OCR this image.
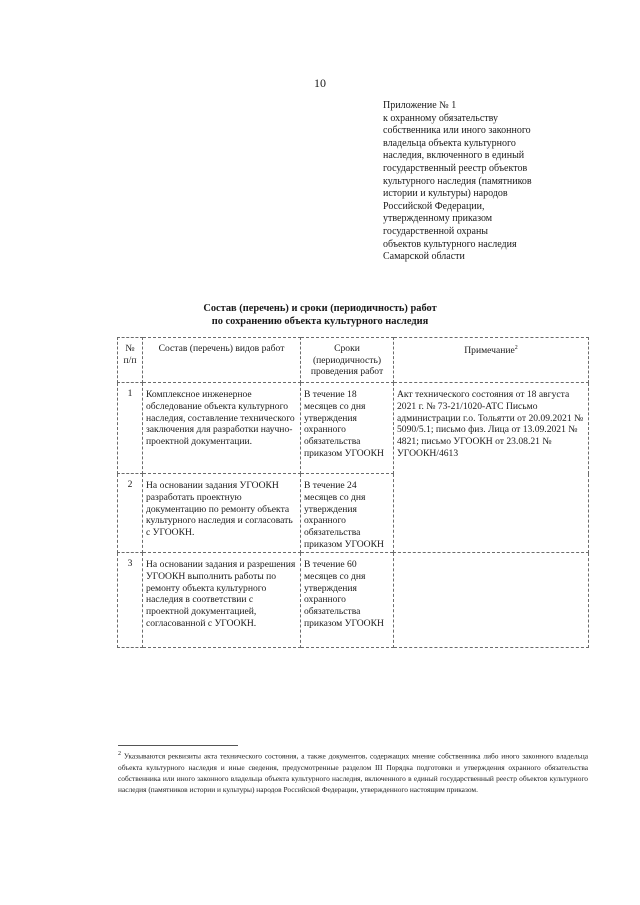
10
Приложение № 1
к охранному обязательству
собственника или иного законного
владельца объекта культурного
наследия, включенного в единый
государственный реестр объектов
культурного наследия (памятников
истории и культуры) народов
Российской Федерации,
утвержденному приказом
государственной охраны
объектов культурного наследия
Самарской области
Состав (перечень) и сроки (периодичность) работ
по сохранению объекта культурного наследия
№ п/п	Состав (перечень) видов работ	Сроки (периодичность) проведения работ	Примечание$^2$
1	Комплексное инженерное обследование объекта культурного наследия, составление технического заключения для разработки научно-проектной документации.	В течение 18 месяцев со дня утверждения охранного обязательства приказом УГООКН	Акт технического состояния от 18 августа 2021 г. № 73-21/1020-АТС Письмо администрации г.о. Тольятти от 20.09.2021 № 5090/5.1; письмо физ. Лица от 13.09.2021 № 4821; письмо УГООКН от 23.08.21 № УГООКН/4613
2	На основании задания УГООКН разработать проектную документацию по ремонту объекта культурного наследия и согласовать с УГООКН.	В течение 24 месяцев со дня утверждения охранного обязательства приказом УГООКН	
3	На основании задания и разрешения УГООКН выполнить работы по ремонту объекта культурного наследия в соответствии с проектной документацией, согласованной с УГООКН.	В течение 60 месяцев со дня утверждения охранного обязательства приказом УГООКН	
$^2$ Указываются реквизиты акта технического состояния, а также документов, содержащих мнение собственника либо иного законного владельца объекта культурного наследия и иные сведения, предусмотренные разделом III Порядка подготовки и утверждения охранного обязательства собственника или иного законного владельца объекта культурного наследия, включенного в единый государственный реестр объектов культурного наследия (памятников истории и культуры) народов Российской Федерации, утвержденного настоящим приказом.
